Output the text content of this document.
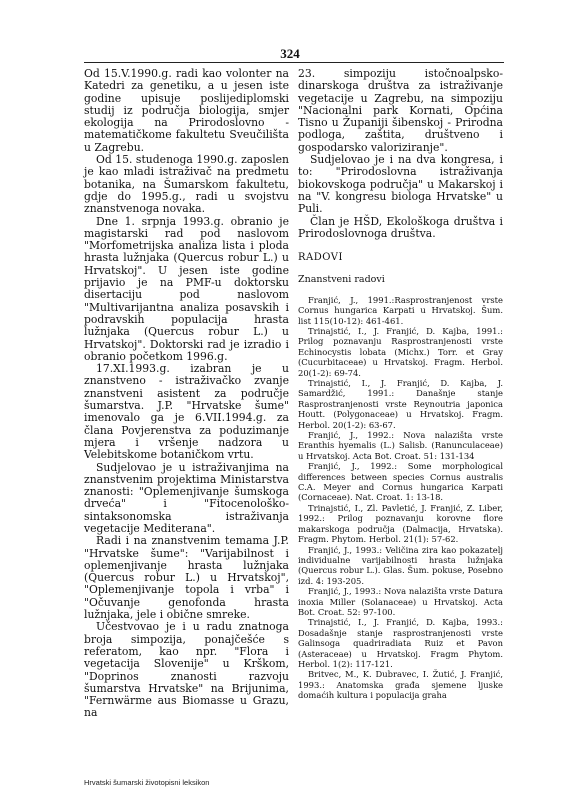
324

Od 15.V.1990.g. radi kao volonter na Katedri za genetiku, a u jesen iste godine upisuje poslijediplomski studij iz područja biologija, smjer ekologija na Prirodoslovno - matematičkome fakultetu Sveučilišta u Zagrebu.

Od 15. studenoga 1990.g. zaposlen je kao mladi istraživač na predmetu botanika, na Šumarskom fakultetu, gdje do 1995.g., radi u svojstvu znanstvenoga novaka.

Dne 1. srpnja 1993.g. obranio je magistarski rad pod naslovom "Morfometrijska analiza lista i ploda hrasta lužnjaka (Quercus robur L.) u Hrvatskoj". U jesen iste godine prijavio je na PMF-u doktorsku disertaciju pod naslovom "Multivarijantna analiza posavskih i podravskih populacija hrasta lužnjaka (Quercus robur L.) u Hrvatskoj". Doktorski rad je izradio i obranio početkom 1996.g.

17.XI.1993.g. izabran je u znanstveno - istraživačko zvanje znanstveni asistent za područje šumarstva. J.P. "Hrvatske šume" imenovalo ga je 6.VII.1994.g. za člana Povjerenstva za poduzimanje mjera i vršenje nadzora u Velebitskome botaničkom vrtu.

Sudjelovao je u istraživanjima na znanstvenim projektima Ministarstva znanosti: "Oplemenjivanje šumskoga drveća" i "Fitocenološko-sintaksonomska istraživanja vegetacije Mediterana".

Radi i na znanstvenim temama J.P. "Hrvatske šume": "Varijabilnost i oplemenjivanje hrasta lužnjaka (Quercus robur L.) u Hrvatskoj", "Oplemenjivanje topola i vrba" i "Očuvanje genofonda hrasta lužnjaka, jele i obične smreke.

Učestvovao je i u radu znatnoga broja simpozija, ponajčešće s referatom, kao npr. "Flora i vegetacija Slovenije" u Krškom, "Doprinos znanosti razvoju šumarstva Hrvatske" na Brijunima, "Fernwärme aus Biomasse u Grazu, na

23. simpoziju istočnoalpsko-dinarskoga društva za istraživanje vegetacije u Zagrebu, na simpoziju "Nacionalni park Kornati, Općina Tisno u Županiji šibenskoj - Prirodna podloga, zaštita, društveno i gospodarsko valoriziranje".

Sudjelovao je i na dva kongresa, i to: "Prirodoslovna istraživanja biokovskoga područja" u Makarskoj i na "V. kongresu biologa Hrvatske" u Puli.

Član je HŠD, Ekološkoga društva i Prirodoslovnoga društva.

RADOVI

Znanstveni radovi

Franjić, J., 1991.:Rasprostranjenost vrste Cornus hungarica Karpati u Hrvatskoj. Šum. list 115(10-12): 461-461.

Trinajstić, I., J. Franjić, D. Kajba, 1991.: Prilog poznavanju Rasprostranjenosti vrste Echinocystis lobata (Michx.) Torr. et Gray (Cucurbitaceae) u Hrvatskoj. Fragm. Herbol. 20(1-2): 69-74.

Trinajstić, I., J. Franjić, D. Kajba, J. Samardžić, 1991.: Današnje stanje Rasprostranjenosti vrste Reynoutria japonica Houtt. (Polygonaceae) u Hrvatskoj. Fragm. Herbol. 20(1-2): 63-67.

Franjić, J., 1992.: Nova nalazišta vrste Eranthis hyemalis (L.) Salisb. (Ranunculaceae) u Hrvatskoj. Acta Bot. Croat. 51: 131-134

Franjić, J., 1992.: Some morphological differences between species Cornus australis C.A. Meyer and Cornus hungarica Karpati (Cornaceae). Nat. Croat. 1: 13-18.

Trinajstić, I., Zl. Pavletić, J. Franjić, Z. Liber, 1992.: Prilog poznavanju korovne flore makarskoga područja (Dalmacija, Hrvatska). Fragm. Phytom. Herbol. 21(1): 57-62.

Franjić, J., 1993.: Veličina zira kao pokazatelj individualne varijabilnosti hrasta lužnjaka (Quercus robur L.). Glas. Šum. pokuse, Posebno izd. 4: 193-205.

Franjić, J., 1993.: Nova nalazišta vrste Datura inoxia Miller (Solanaceae) u Hrvatskoj. Acta Bot. Croat. 52: 97-100.

Trinajstić, I., J. Franjić, D. Kajba, 1993.: Dosadašnje stanje rasprostranjenosti vrste Galinsoga quadriradiata Ruiz et Pavon (Asteraceae) u Hrvatskoj. Fragm Phytom. Herbol. 1(2): 117-121.

Britvec, M., K. Dubravec, I. Žutić, J. Franjić, 1993.: Anatomska građa sjemene ljuske domaćih kultura i populacija graha

Hrvatski šumarski životopisni leksikon
